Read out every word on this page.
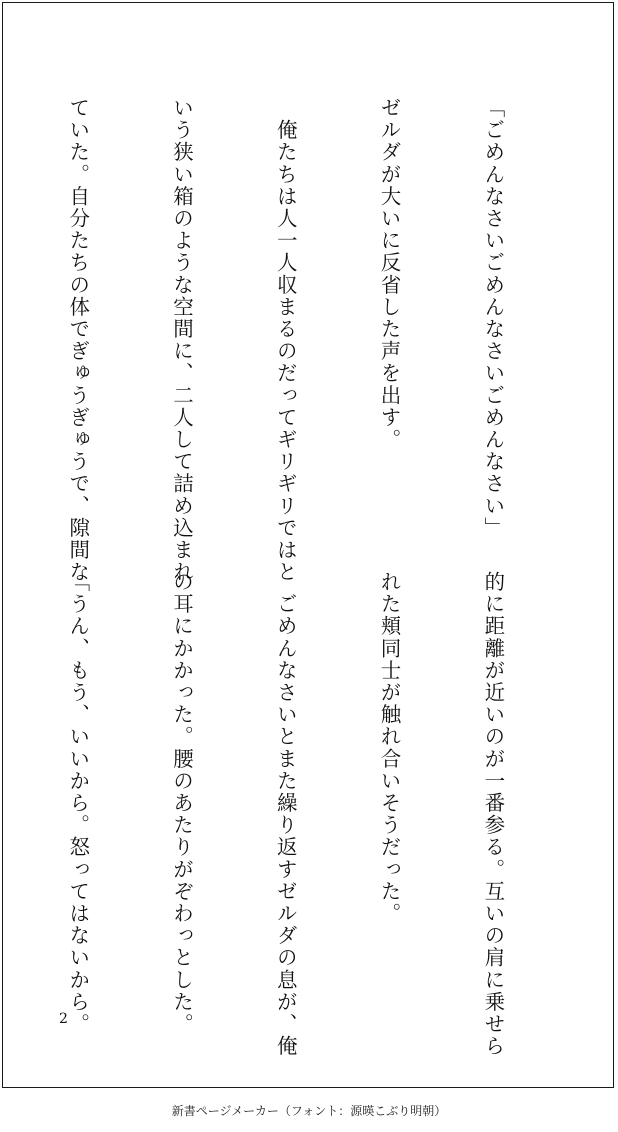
「ごめんなさいごめんなさいごめんなさい」

ゼルダが大いに反省した声を出す。

　俺たちは人一人収まるのだってギリギリではと

いう狭い箱のような空間に、二人して詰め込まれ

ていた。自分たちの体でぎゅうぎゅうで、隙間な

的に距離が近いのが一番参る。互いの肩に乗せら

れた頬同士が触れ合いそうだった。

　ごめんなさいとまた繰り返すゼルダの息が、俺

の耳にかかった。腰のあたりがぞわっとした。

「うん、もう、いいから。怒ってはないから。

2
新書ページメーカー（フォント：源暎こぶり明朝）
